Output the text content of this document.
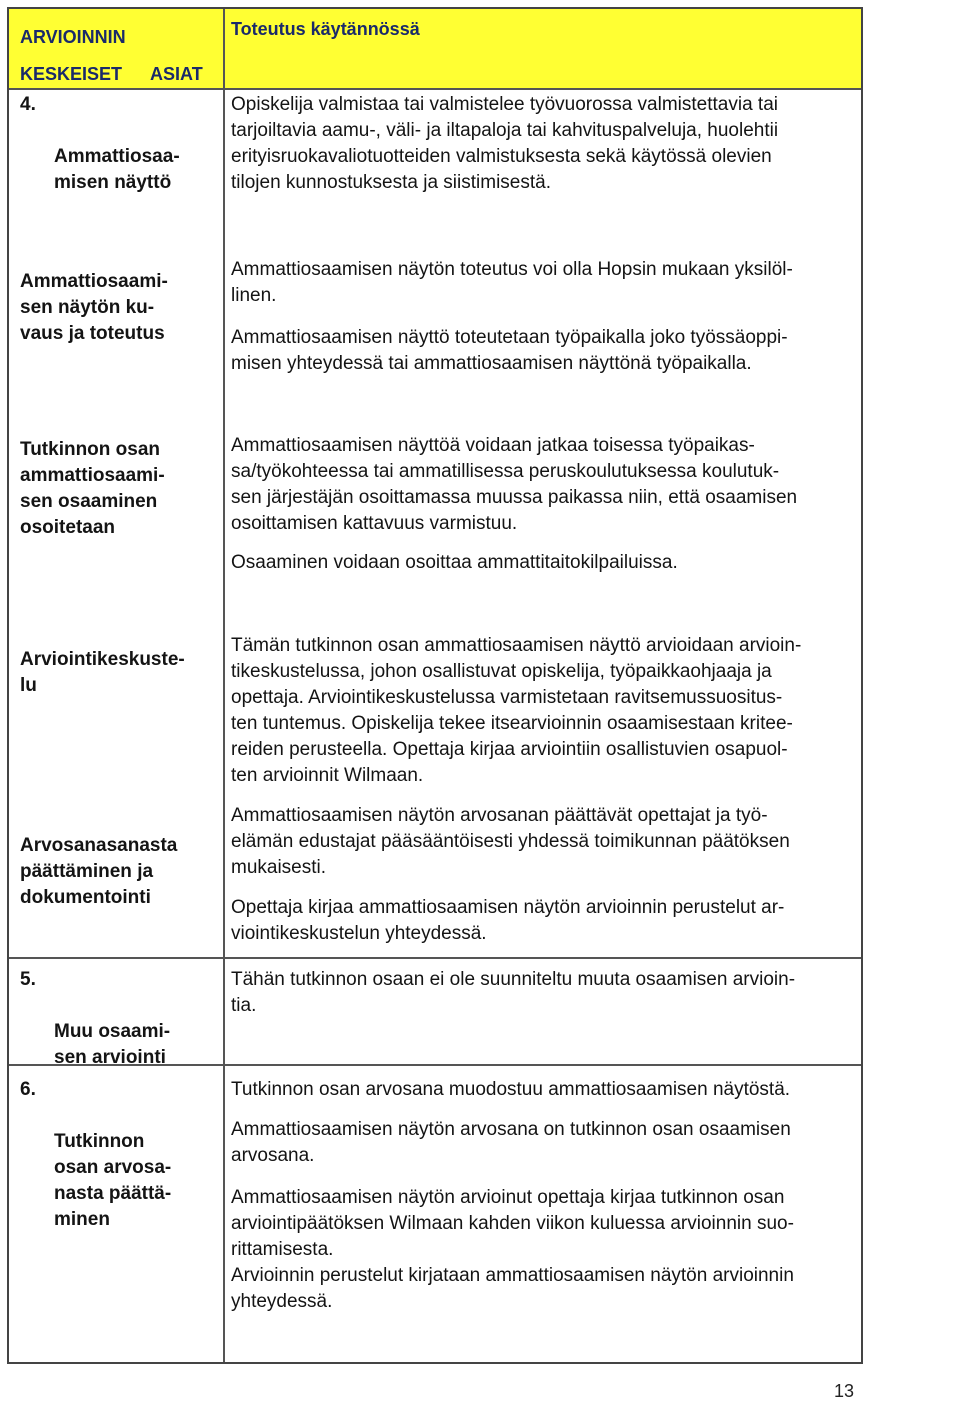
ARVIOINNIN
KESKEISET ASIAT
Toteutus käytännössä

4.

Ammattiosaa-
misen näyttö

Opiskelija valmistaa tai valmistelee työvuorossa valmistettavia tai
tarjoiltavia aamu-, väli- ja iltapaloja tai kahvituspalveluja, huolehtii
erityisruokavaliotuotteiden valmistuksesta sekä käytössä olevien
tilojen kunnostuksesta ja siistimisestä.
Ammattiosaami-
sen näytön ku-
vaus ja toteutus
Ammattiosaamisen näytön toteutus voi olla Hopsin mukaan yksilöl-
linen.
Ammattiosaamisen näyttö toteutetaan työpaikalla joko työssäoppi-
misen yhteydessä tai ammattiosaamisen näyttönä työpaikalla.
Tutkinnon osan
ammattiosaami-
sen osaaminen
osoitetaan
Ammattiosaamisen näyttöä voidaan jatkaa toisessa työpaikas-
sa/työkohteessa tai ammatillisessa peruskoulutuksessa koulutuk-
sen järjestäjän osoittamassa muussa paikassa niin, että osaamisen
osoittamisen kattavuus varmistuu.
Osaaminen voidaan osoittaa ammattitaitokilpailuissa.
Arviointikeskuste-
lu
Arvosanasanasta
päättäminen ja
dokumentointi
Tämän tutkinnon osan ammattiosaamisen näyttö arvioidaan arvioin-
tikeskustelussa, johon osallistuvat opiskelija, työpaikkaohjaaja ja
opettaja. Arviointikeskustelussa varmistetaan ravitsemussuositus-
ten tuntemus. Opiskelija tekee itsearvioinnin osaamisestaan kritee-
reiden perusteella. Opettaja kirjaa arviointiin osallistuvien osapuol-
ten arvioinnit Wilmaan.
Ammattiosaamisen näytön arvosanan päättävät opettajat ja työ-
elämän edustajat pääsääntöisesti yhdessä toimikunnan päätöksen
mukaisesti.
Opettaja kirjaa ammattiosaamisen näytön arvioinnin perustelut ar-
viointikeskustelun yhteydessä.

5.

Muu osaami-
sen arviointi

Tähän tutkinnon osaan ei ole suunniteltu muuta osaamisen arvioin-
tia.

6.

Tutkinnon
osan arvosa-
nasta päättä-
minen

Tutkinnon osan arvosana muodostuu ammattiosaamisen näytöstä.
Ammattiosaamisen näytön arvosana on tutkinnon osan osaamisen
arvosana.
Ammattiosaamisen näytön arvioinut opettaja kirjaa tutkinnon osan
arviointipäätöksen Wilmaan kahden viikon kuluessa arvioinnin suo-
rittamisesta.
Arvioinnin perustelut kirjataan ammattiosaamisen näytön arvioinnin
yhteydessä.
13
